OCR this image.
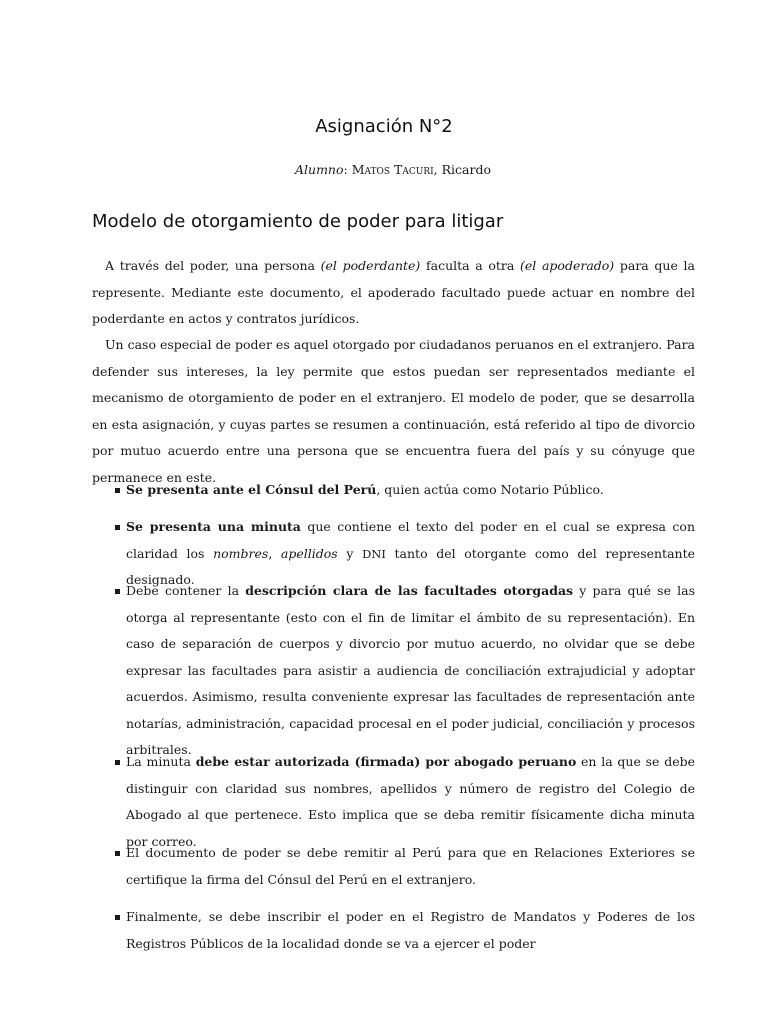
Asignación N°2
Alumno: Matos Tacuri, Ricardo
Modelo de otorgamiento de poder para litigar

A través del poder, una persona (el poderdante) faculta a otra (el apoderado) para que la represente. Mediante este documento, el apoderado facultado puede actuar en nombre del poderdante en actos y contratos jurídicos.

Un caso especial de poder es aquel otorgado por ciudadanos peruanos en el extranjero. Para defender sus intereses, la ley permite que estos puedan ser representados mediante el mecanismo de otorgamiento de poder en el extranjero. El modelo de poder, que se desarrolla en esta asignación, y cuyas partes se resumen a continuación, está referido al tipo de divorcio por mutuo acuerdo entre una persona que se encuentra fuera del país y su cónyuge que permanece en este.

Se presenta ante el Cónsul del Perú, quien actúa como Notario Público.
Se presenta una minuta que contiene el texto del poder en el cual se expresa con claridad los nombres, apellidos y DNI tanto del otorgante como del representante designado.
Debe contener la descripción clara de las facultades otorgadas y para qué se las otorga al representante (esto con el fin de limitar el ámbito de su representación). En caso de separación de cuerpos y divorcio por mutuo acuerdo, no olvidar que se debe expresar las facultades para asistir a audiencia de conciliación extrajudicial y adoptar acuerdos. Asimismo, resulta conveniente expresar las facultades de representación ante notarías, administración, capacidad procesal en el poder judicial, conciliación y procesos arbitrales.
La minuta debe estar autorizada (firmada) por abogado peruano en la que se debe distinguir con claridad sus nombres, apellidos y número de registro del Colegio de Abogado al que pertenece. Esto implica que se deba remitir físicamente dicha minuta por correo.
El documento de poder se debe remitir al Perú para que en Relaciones Exteriores se certifique la firma del Cónsul del Perú en el extranjero.
Finalmente, se debe inscribir el poder en el Registro de Mandatos y Poderes de los Registros Públicos de la localidad donde se va a ejercer el poder
